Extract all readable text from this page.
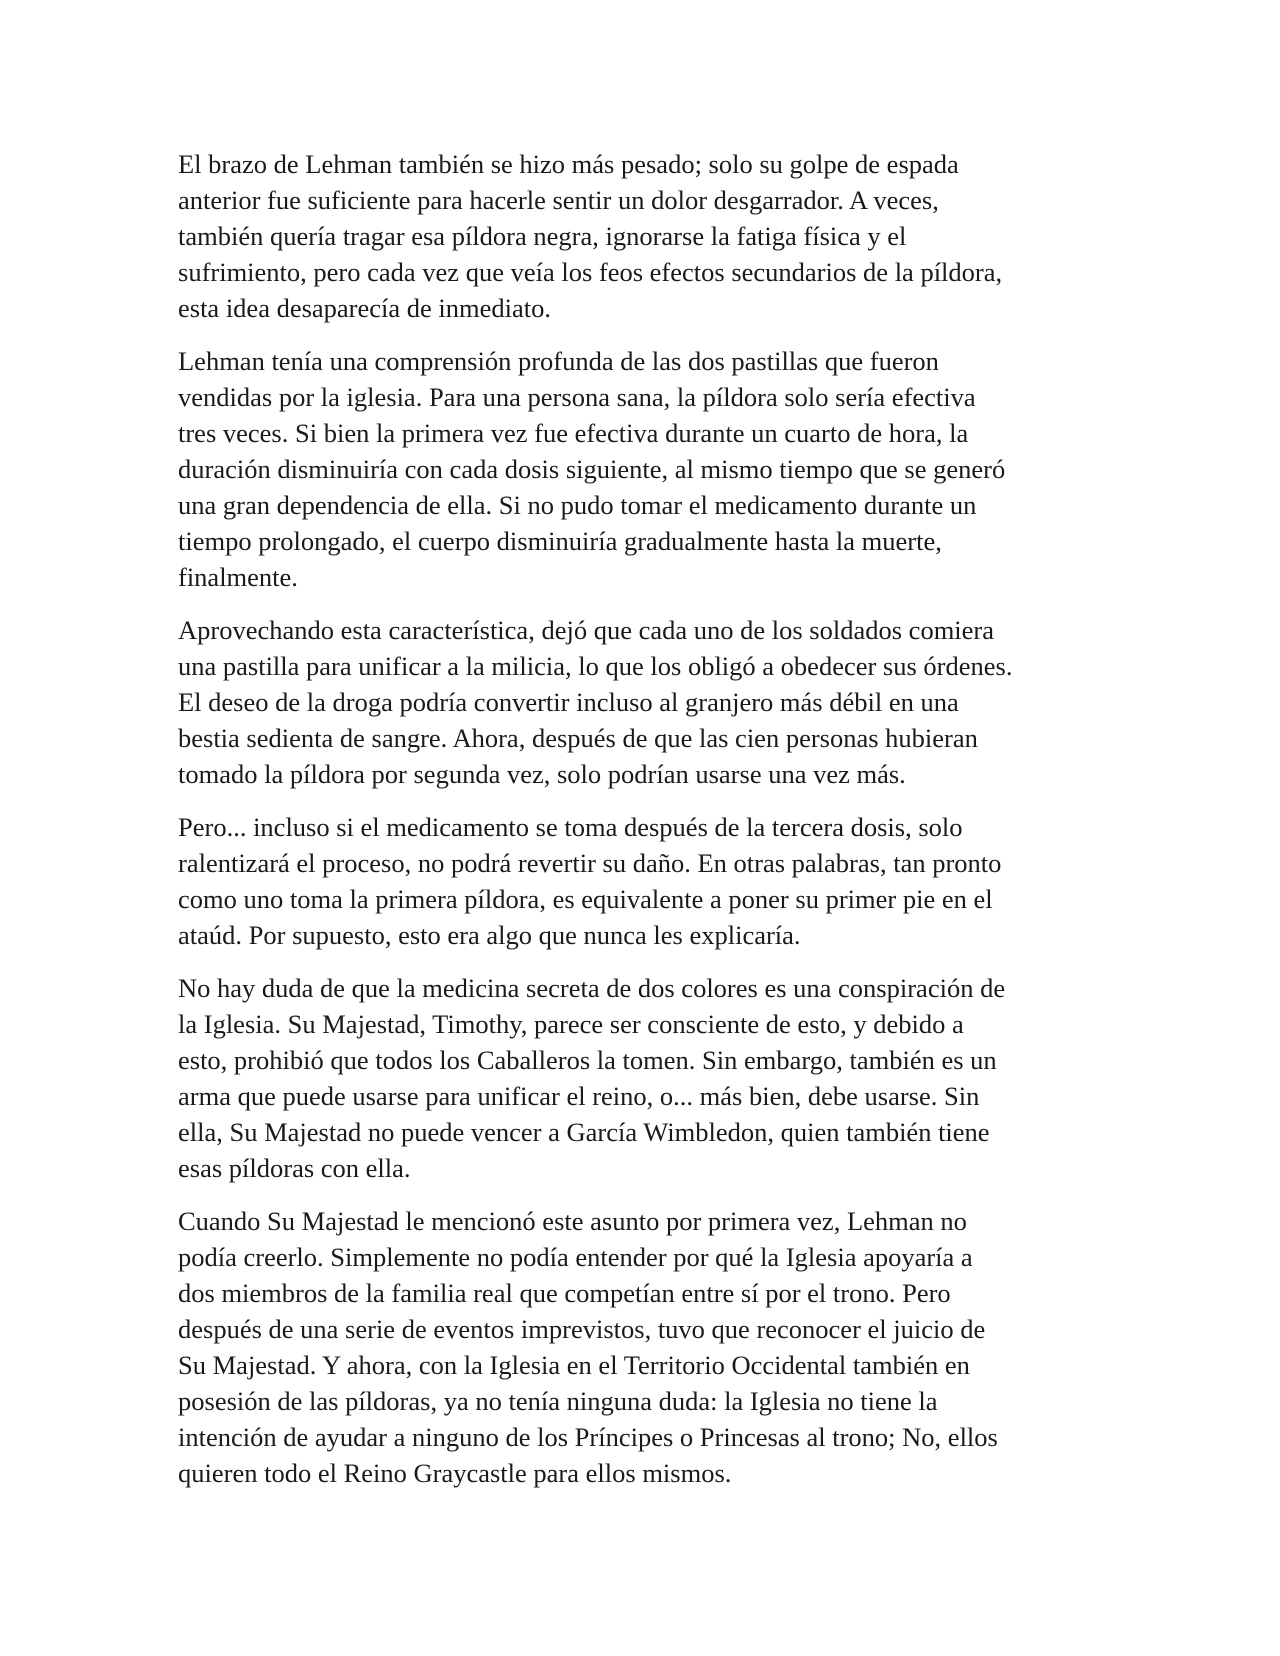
El brazo de Lehman también se hizo más pesado; solo su golpe de espada
anterior fue suficiente para hacerle sentir un dolor desgarrador. A veces,
también quería tragar esa píldora negra, ignorarse la fatiga física y el
sufrimiento, pero cada vez que veía los feos efectos secundarios de la píldora,
esta idea desaparecía de inmediato.

Lehman tenía una comprensión profunda de las dos pastillas que fueron
vendidas por la iglesia. Para una persona sana, la píldora solo sería efectiva
tres veces. Si bien la primera vez fue efectiva durante un cuarto de hora, la
duración disminuiría con cada dosis siguiente, al mismo tiempo que se generó
una gran dependencia de ella. Si no pudo tomar el medicamento durante un
tiempo prolongado, el cuerpo disminuiría gradualmente hasta la muerte,
finalmente.

Aprovechando esta característica, dejó que cada uno de los soldados comiera
una pastilla para unificar a la milicia, lo que los obligó a obedecer sus órdenes.
El deseo de la droga podría convertir incluso al granjero más débil en una
bestia sedienta de sangre. Ahora, después de que las cien personas hubieran
tomado la píldora por segunda vez, solo podrían usarse una vez más.

Pero... incluso si el medicamento se toma después de la tercera dosis, solo
ralentizará el proceso, no podrá revertir su daño. En otras palabras, tan pronto
como uno toma la primera píldora, es equivalente a poner su primer pie en el
ataúd. Por supuesto, esto era algo que nunca les explicaría.

No hay duda de que la medicina secreta de dos colores es una conspiración de
la Iglesia. Su Majestad, Timothy, parece ser consciente de esto, y debido a
esto, prohibió que todos los Caballeros la tomen. Sin embargo, también es un
arma que puede usarse para unificar el reino, o... más bien, debe usarse. Sin
ella, Su Majestad no puede vencer a García Wimbledon, quien también tiene
esas píldoras con ella.

Cuando Su Majestad le mencionó este asunto por primera vez, Lehman no
podía creerlo. Simplemente no podía entender por qué la Iglesia apoyaría a
dos miembros de la familia real que competían entre sí por el trono. Pero
después de una serie de eventos imprevistos, tuvo que reconocer el juicio de
Su Majestad. Y ahora, con la Iglesia en el Territorio Occidental también en
posesión de las píldoras, ya no tenía ninguna duda: la Iglesia no tiene la
intención de ayudar a ninguno de los Príncipes o Princesas al trono; No, ellos
quieren todo el Reino Graycastle para ellos mismos.
